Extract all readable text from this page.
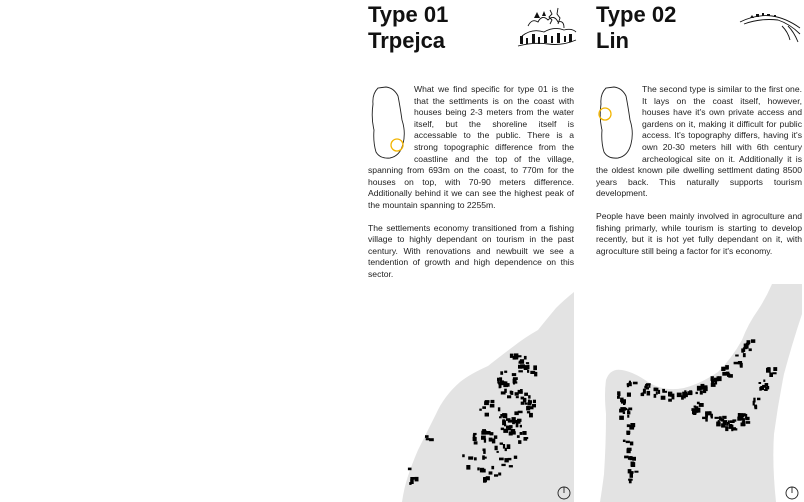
Type 01
Trpejca

What we find specific for type 01 is the that the settlments is on the coast with houses being 2-3 meters from the water itself, but the shoreline itself is accessable to the public. There is a strong topographic difference from the coastline and the top of the village, spanning from 693m on the coast, to 770m for the houses on top, with 70-90 meters difference. Additionally behind it we can see the highest peak of the mountain spanning to 2255m.

The settlements economy transitioned from a fishing village to highly dependant on tourism in the past century. With renovations and newbuilt we see a tendention of growth and high dependence on this sector.

Type 02
Lin

The second type is similar to the first one. It lays on the coast itself, however, houses have it's own private access and gardens on it, making it difficult for public access. It's topography differs, having it's own 20-30 meters hill with 6th century archeological site on it. Additionally it is the oldest known pile dwelling settlment dating 8500 years back. This naturally supports tourism development.

People have been mainly involved in agroculture and fishing primarly, while tourism is starting to develop recently, but it is hot yet fully dependant on it, with agroculture still being a factor for it's economy.
